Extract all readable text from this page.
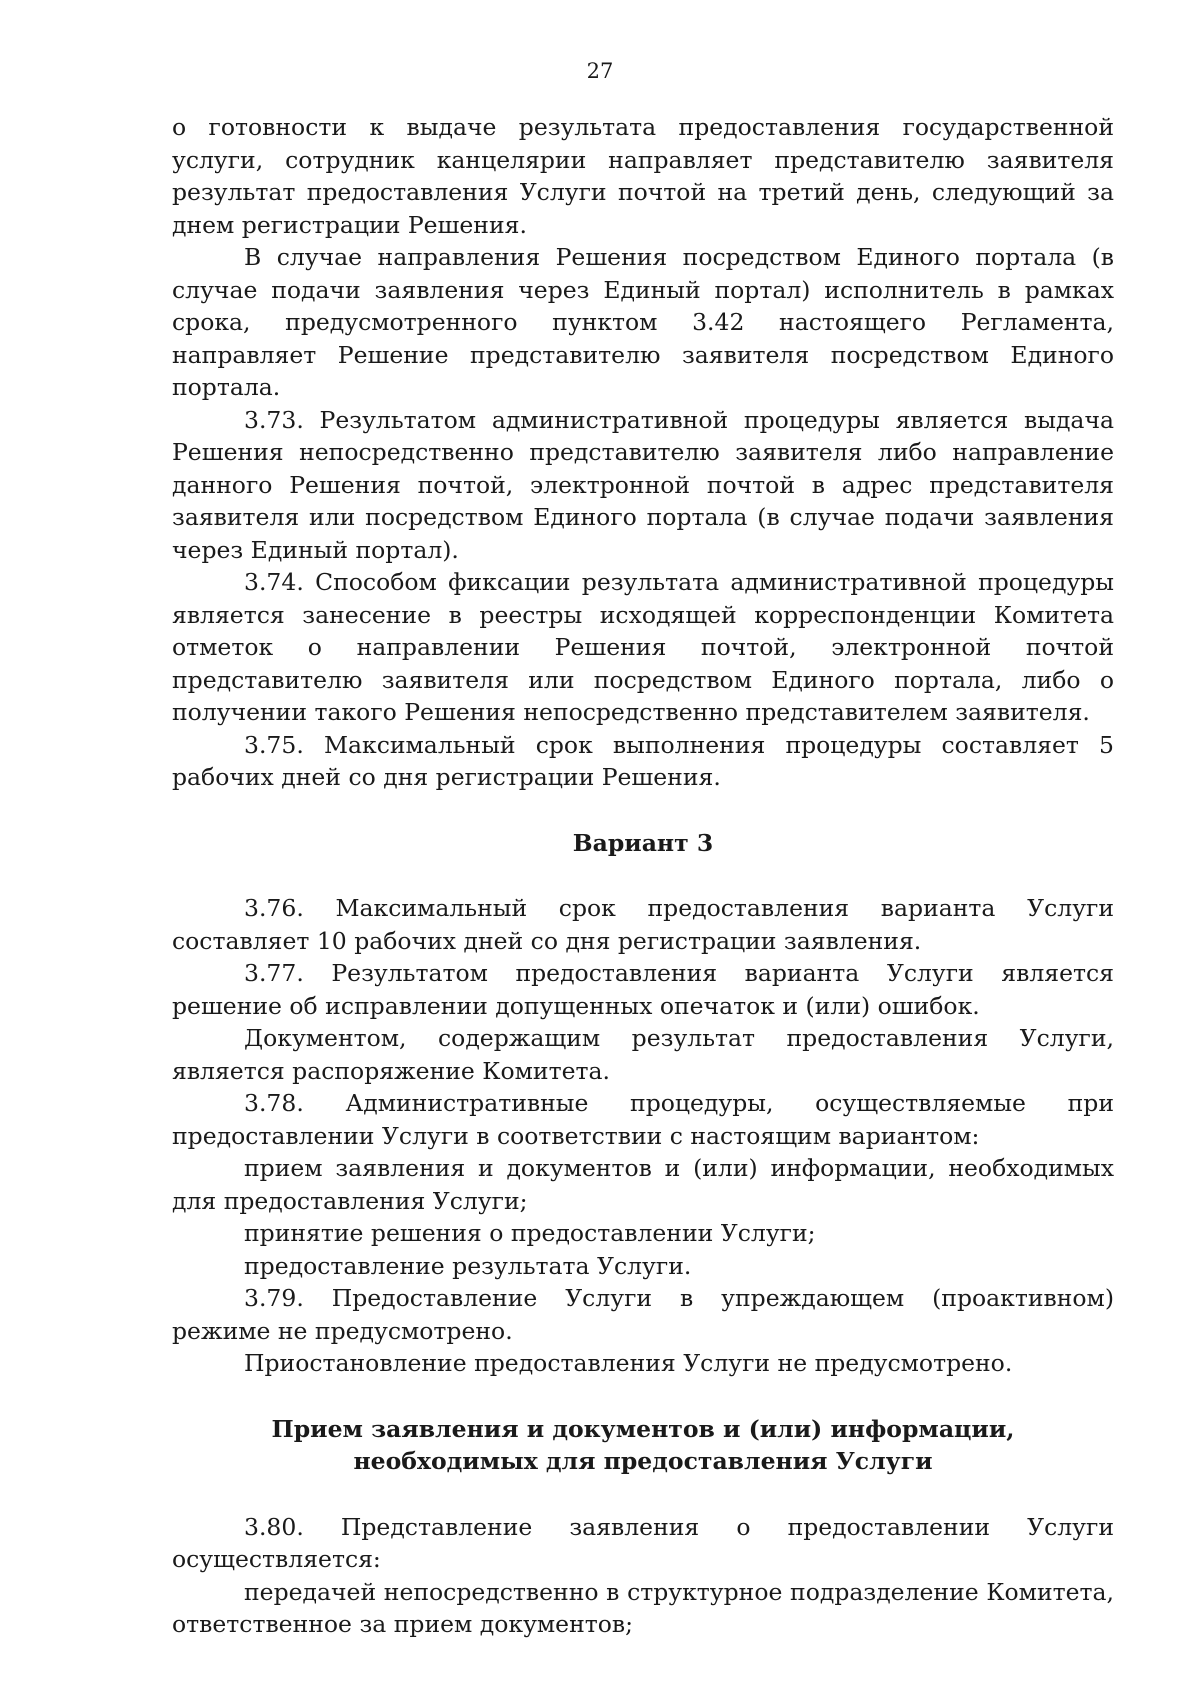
27

о готовности к выдаче результата предоставления государственной услуги, сотрудник канцелярии направляет представителю заявителя результат предоставления Услуги почтой на третий день, следующий за днем регистрации Решения.

В случае направления Решения посредством Единого портала (в случае подачи заявления через Единый портал) исполнитель в рамках срока, предусмотренного пунктом 3.42 настоящего Регламента, направляет Решение представителю заявителя посредством Единого портала.

3.73. Результатом административной процедуры является выдача Решения непосредственно представителю заявителя либо направление данного Решения почтой, электронной почтой в адрес представителя заявителя или посредством Единого портала (в случае подачи заявления через Единый портал).

3.74. Способом фиксации результата административной процедуры является занесение в реестры исходящей корреспонденции Комитета отметок о направлении Решения почтой, электронной почтой представителю заявителя или посредством Единого портала, либо о получении такого Решения непосредственно представителем заявителя.

3.75. Максимальный срок выполнения процедуры составляет 5 рабочих дней со дня регистрации Решения.

Вариант 3

3.76. Максимальный срок предоставления варианта Услуги составляет 10 рабочих дней со дня регистрации заявления.

3.77. Результатом предоставления варианта Услуги является решение об исправлении допущенных опечаток и (или) ошибок.

Документом, содержащим результат предоставления Услуги, является распоряжение Комитета.

3.78. Административные процедуры, осуществляемые при предоставлении Услуги в соответствии с настоящим вариантом:

прием заявления и документов и (или) информации, необходимых для предоставления Услуги;

принятие решения о предоставлении Услуги;

предоставление результата Услуги.

3.79. Предоставление Услуги в упреждающем (проактивном) режиме не предусмотрено.

Приостановление предоставления Услуги не предусмотрено.

Прием заявления и документов и (или) информации,
необходимых для предоставления Услуги

3.80. Представление заявления о предоставлении Услуги осуществляется:

передачей непосредственно в структурное подразделение Комитета, ответственное за прием документов;
